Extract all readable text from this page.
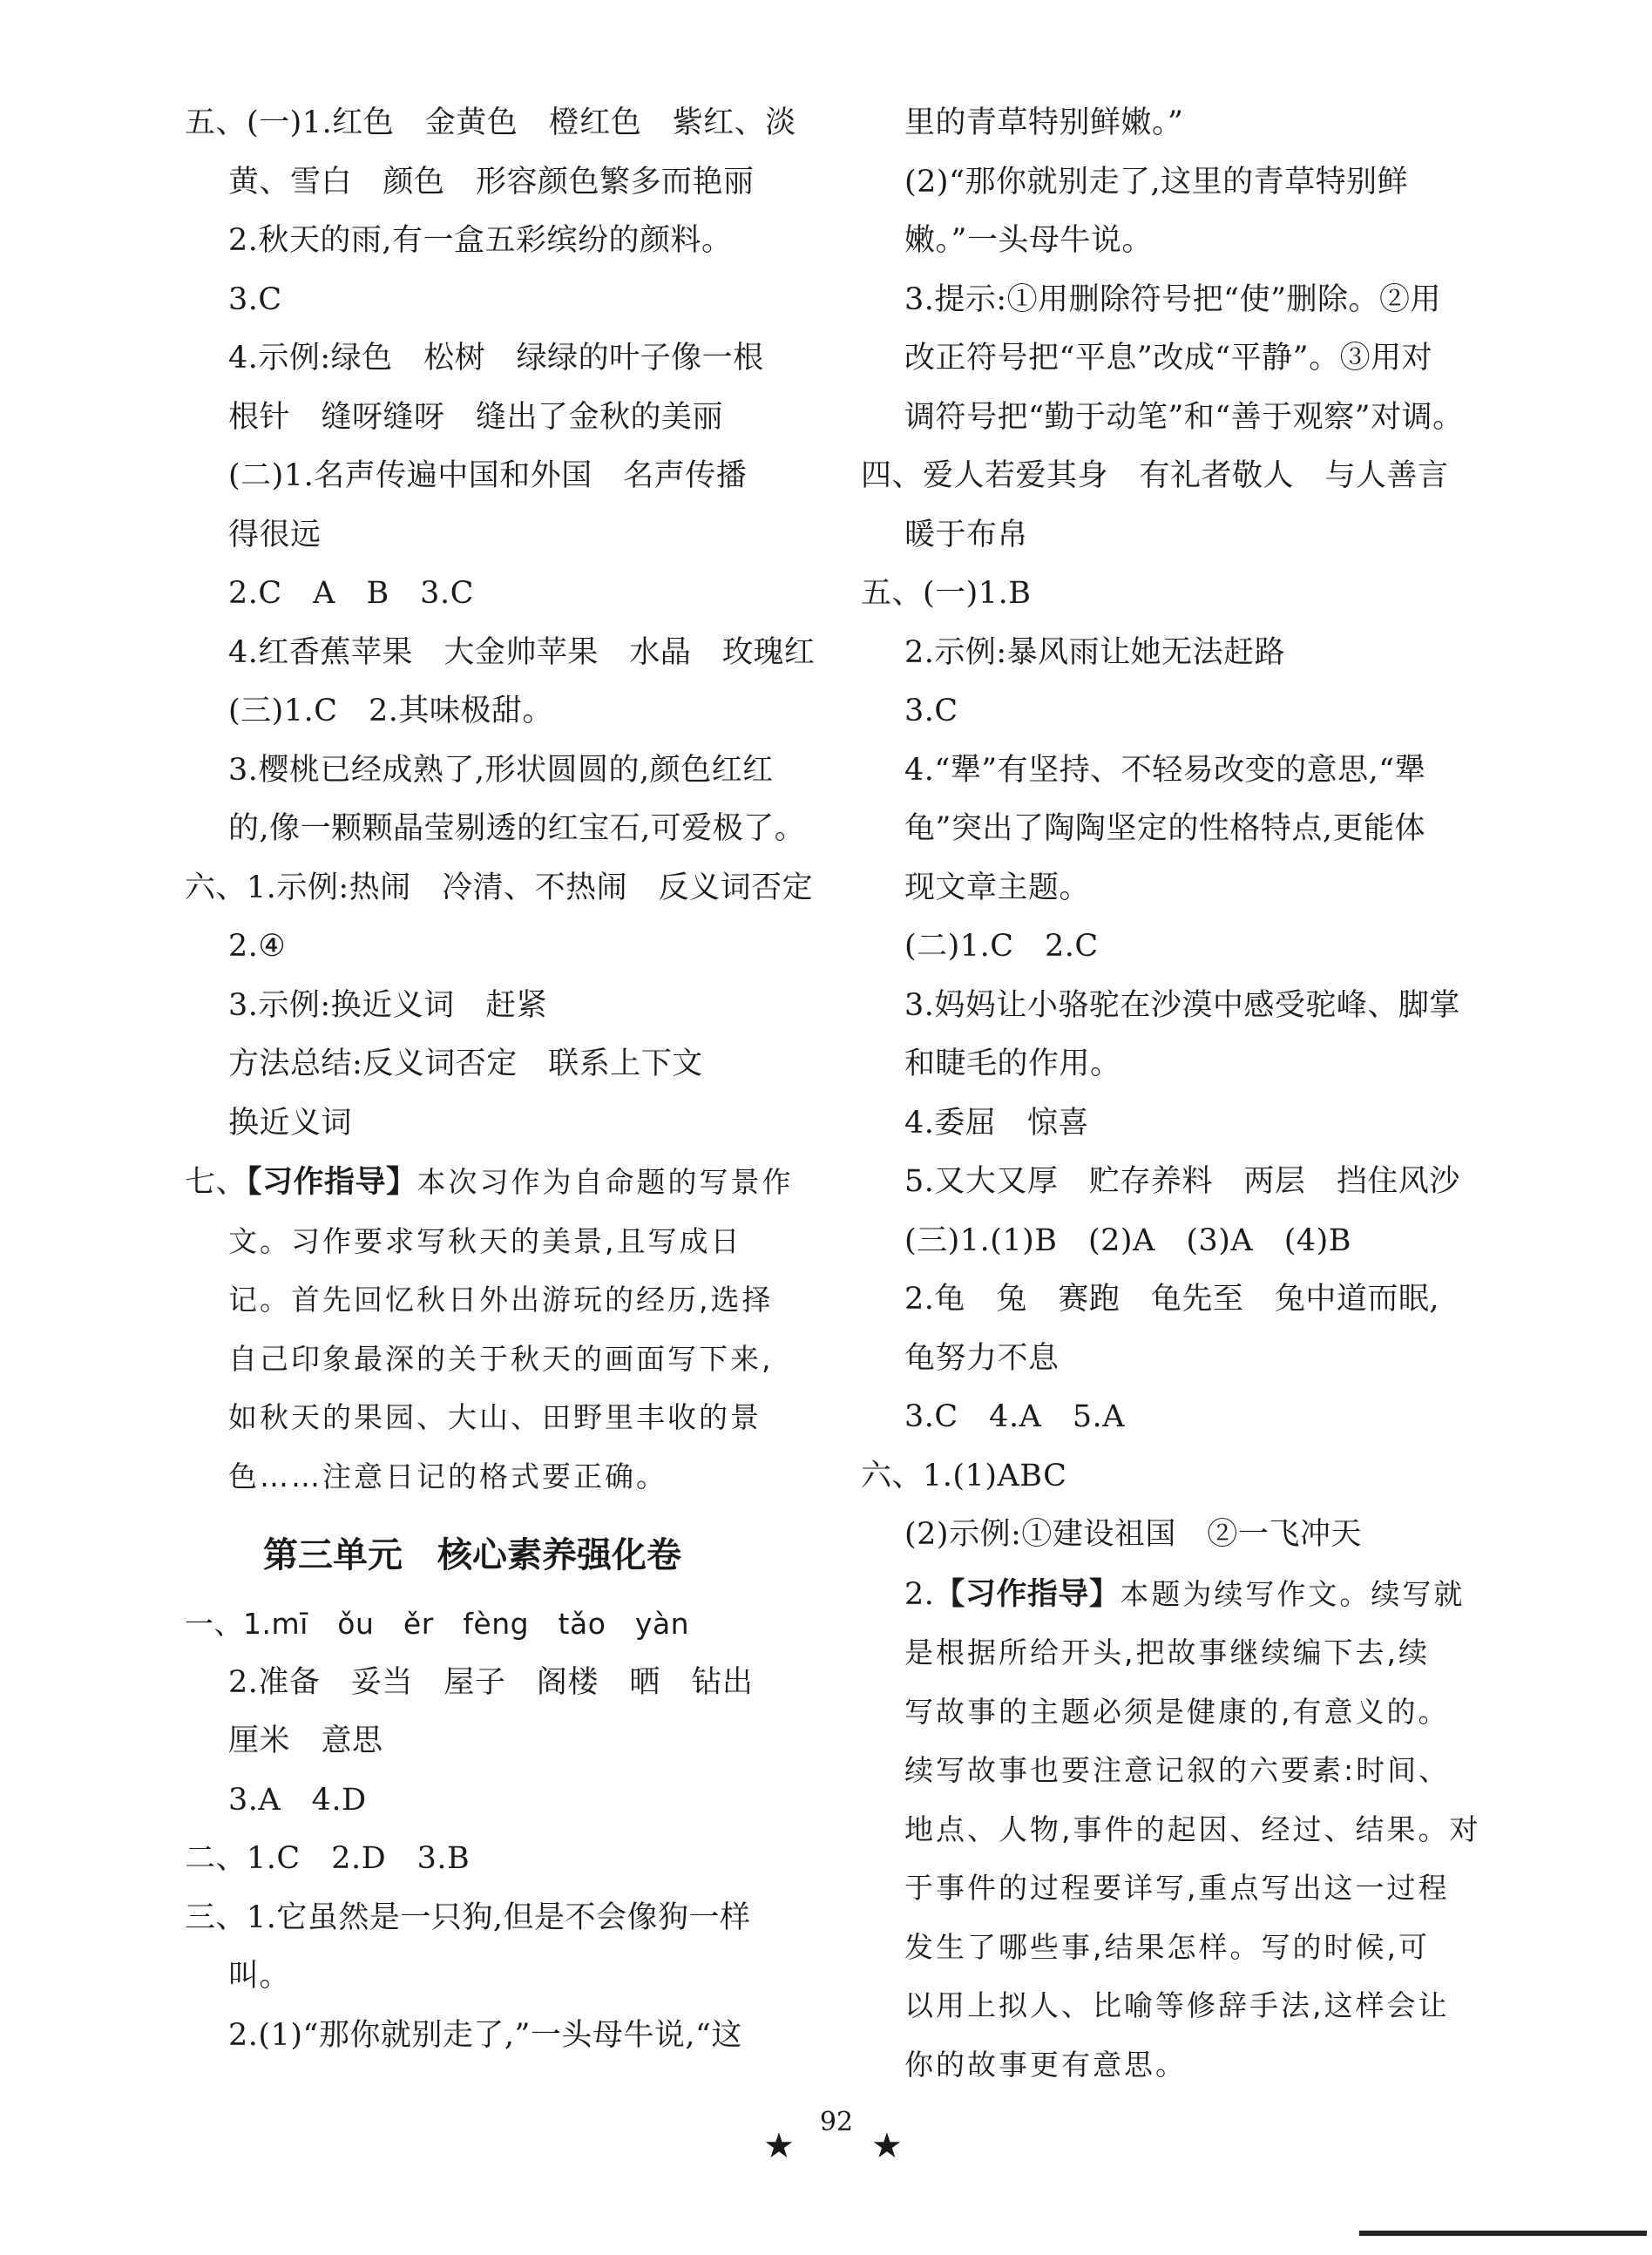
五、(一)1.红色　金黄色　橙红色　紫红、淡
黄、雪白　颜色　形容颜色繁多而艳丽
2.秋天的雨,有一盒五彩缤纷的颜料。
3.C
4.示例:绿色　松树　绿绿的叶子像一根
根针　缝呀缝呀　缝出了金秋的美丽
(二)1.名声传遍中国和外国　名声传播
得很远
2.C　A　B　3.C
4.红香蕉苹果　大金帅苹果　水晶　玫瑰红
(三)1.C　2.其味极甜。
3.樱桃已经成熟了,形状圆圆的,颜色红红
的,像一颗颗晶莹剔透的红宝石,可爱极了。
六、1.示例:热闹　冷清、不热闹　反义词否定
2.④
3.示例:换近义词　赶紧
方法总结:反义词否定　联系上下文
换近义词
七、【习作指导】本次习作为自命题的写景作
文。习作要求写秋天的美景,且写成日
记。首先回忆秋日外出游玩的经历,选择
自己印象最深的关于秋天的画面写下来,
如秋天的果园、大山、田野里丰收的景
色……注意日记的格式要正确。
第三单元　核心素养强化卷
一、1.mī　ǒu　ěr　fèng　tǎo　yàn
2.准备　妥当　屋子　阁楼　晒　钻出
厘米　意思
3.A　4.D
二、1.C　2.D　3.B
三、1.它虽然是一只狗,但是不会像狗一样
叫。
2.(1)“那你就别走了,”一头母牛说,“这
里的青草特别鲜嫩。”
(2)“那你就别走了,这里的青草特别鲜
嫩。”一头母牛说。
3.提示:①用删除符号把“使”删除。②用
改正符号把“平息”改成“平静”。③用对
调符号把“勤于动笔”和“善于观察”对调。
四、爱人若爱其身　有礼者敬人　与人善言
暖于布帛
五、(一)1.B
2.示例:暴风雨让她无法赶路
3.C
4.“犟”有坚持、不轻易改变的意思,“犟
龟”突出了陶陶坚定的性格特点,更能体
现文章主题。
(二)1.C　2.C
3.妈妈让小骆驼在沙漠中感受驼峰、脚掌
和睫毛的作用。
4.委屈　惊喜
5.又大又厚　贮存养料　两层　挡住风沙
(三)1.(1)B　(2)A　(3)A　(4)B
2.龟　兔　赛跑　龟先至　兔中道而眠,
龟努力不息
3.C　4.A　5.A
六、1.(1)ABC
(2)示例:①建设祖国　②一飞冲天
2.【习作指导】本题为续写作文。续写就
是根据所给开头,把故事继续编下去,续
写故事的主题必须是健康的,有意义的。
续写故事也要注意记叙的六要素:时间、
地点、人物,事件的起因、经过、结果。对
于事件的过程要详写,重点写出这一过程
发生了哪些事,结果怎样。写的时候,可
以用上拟人、比喻等修辞手法,这样会让
你的故事更有意思。
★
92
★
